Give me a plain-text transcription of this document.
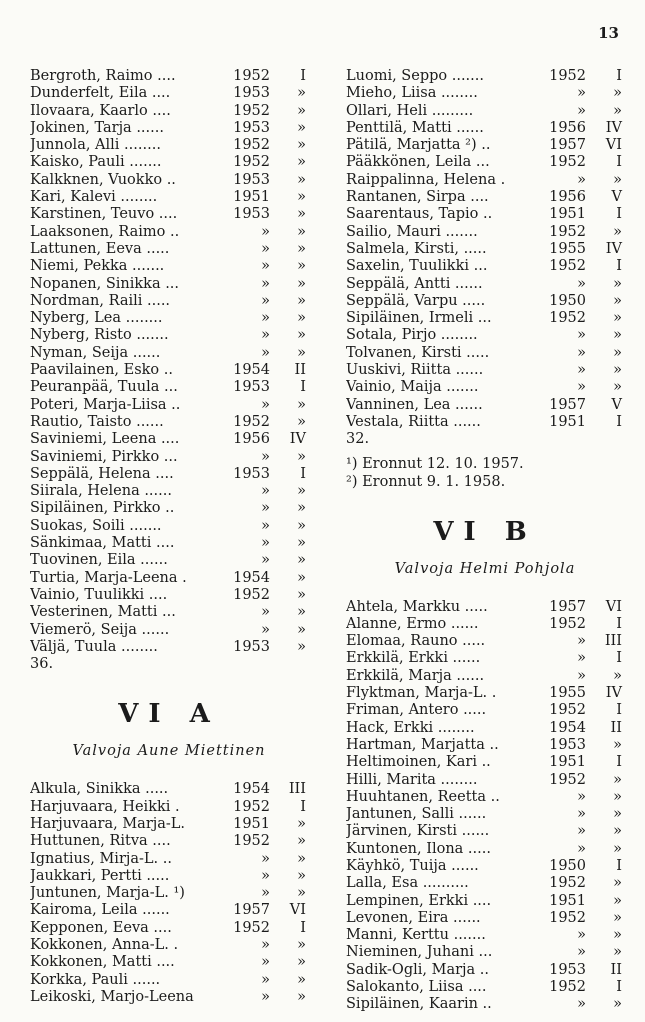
13
Bergroth, Raimo ....	1952	I
Dunderfelt, Eila ....	1953	»
Ilovaara, Kaarlo ....	1952	»
Jokinen, Tarja ......	1953	»
Junnola, Alli ........	1952	»
Kaisko, Pauli .......	1952	»
Kalkknen, Vuokko ..	1953	»
Kari, Kalevi ........	1951	»
Karstinen, Teuvo ....	1953	»
Laaksonen, Raimo ..	»	»
Lattunen, Eeva .....	»	»
Niemi, Pekka .......	»	»
Nopanen, Sinikka ...	»	»
Nordman, Raili .....	»	»
Nyberg, Lea ........	»	»
Nyberg, Risto .......	»	»
Nyman, Seija ......	»	»
Paavilainen, Esko ..	1954	II
Peuranpää, Tuula ...	1953	I
Poteri, Marja-Liisa ..	»	»
Rautio, Taisto ......	1952	»
Saviniemi, Leena ....	1956	IV
Saviniemi, Pirkko ...	»	»
Seppälä, Helena ....	1953	I
Siirala, Helena ......	»	»
Sipiläinen, Pirkko ..	»	»
Suokas, Soili .......	»	»
Sänkimaa, Matti ....	»	»
Tuovinen, Eila ......	»	»
Turtia, Marja-Leena .	1954	»
Vainio, Tuulikki ....	1952	»
Vesterinen, Matti ...	»	»
Viemerö, Seija ......	»	»
Väljä, Tuula ........	1953	»
36.
VI A
Valvoja Aune Miettinen
Alkula, Sinikka .....	1954	III
Harjuvaara, Heikki .	1952	I
Harjuvaara, Marja-L.	1951	»
Huttunen, Ritva ....	1952	»
Ignatius, Mirja-L. ..	»	»
Jaukkari, Pertti .....	»	»
Juntunen, Marja-L. ¹)	»	»
Kairoma, Leila ......	1957	VI
Kepponen, Eeva ....	1952	I
Kokkonen, Anna-L. .	»	»
Kokkonen, Matti ....	»	»
Korkka, Pauli ......	»	»
Leikoski, Marjo-Leena	»	»
Luomi, Seppo .......	1952	I
Mieho, Liisa ........	»	»
Ollari, Heli .........	»	»
Penttilä, Matti ......	1956	IV
Pätilä, Marjatta ²) ..	1957	VI
Pääkkönen, Leila ...	1952	I
Raippalinna, Helena .	»	»
Rantanen, Sirpa ....	1956	V
Saarentaus, Tapio ..	1951	I
Sailio, Mauri .......	1952	»
Salmela, Kirsti, .....	1955	IV
Saxelin, Tuulikki ...	1952	I
Seppälä, Antti ......	»	»
Seppälä, Varpu .....	1950	»
Sipiläinen, Irmeli ...	1952	»
Sotala, Pirjo ........	»	»
Tolvanen, Kirsti .....	»	»
Uuskivi, Riitta ......	»	»
Vainio, Maija .......	»	»
Vanninen, Lea ......	1957	V
Vestala, Riitta ......	1951	I
32.
¹) Eronnut 12. 10. 1957.
²) Eronnut 9. 1. 1958.
VI B
Valvoja Helmi Pohjola
Ahtela, Markku .....	1957	VI
Alanne, Ermo ......	1952	I
Elomaa, Rauno .....	»	III
Erkkilä, Erkki ......	»	I
Erkkilä, Marja ......	»	»
Flyktman, Marja-L. .	1955	IV
Friman, Antero .....	1952	I
Hack, Erkki ........	1954	II
Hartman, Marjatta ..	1953	»
Heltimoinen, Kari ..	1951	I
Hilli, Marita ........	1952	»
Huuhtanen, Reetta ..	»	»
Jantunen, Salli ......	»	»
Järvinen, Kirsti ......	»	»
Kuntonen, Ilona .....	»	»
Käyhkö, Tuija ......	1950	I
Lalla, Esa ..........	1952	»
Lempinen, Erkki ....	1951	»
Levonen, Eira ......	1952	»
Manni, Kerttu .......	»	»
Nieminen, Juhani ...	»	»
Sadik-Ogli, Marja ..	1953	II
Salokanto, Liisa ....	1952	I
Sipiläinen, Kaarin ..	»	»
